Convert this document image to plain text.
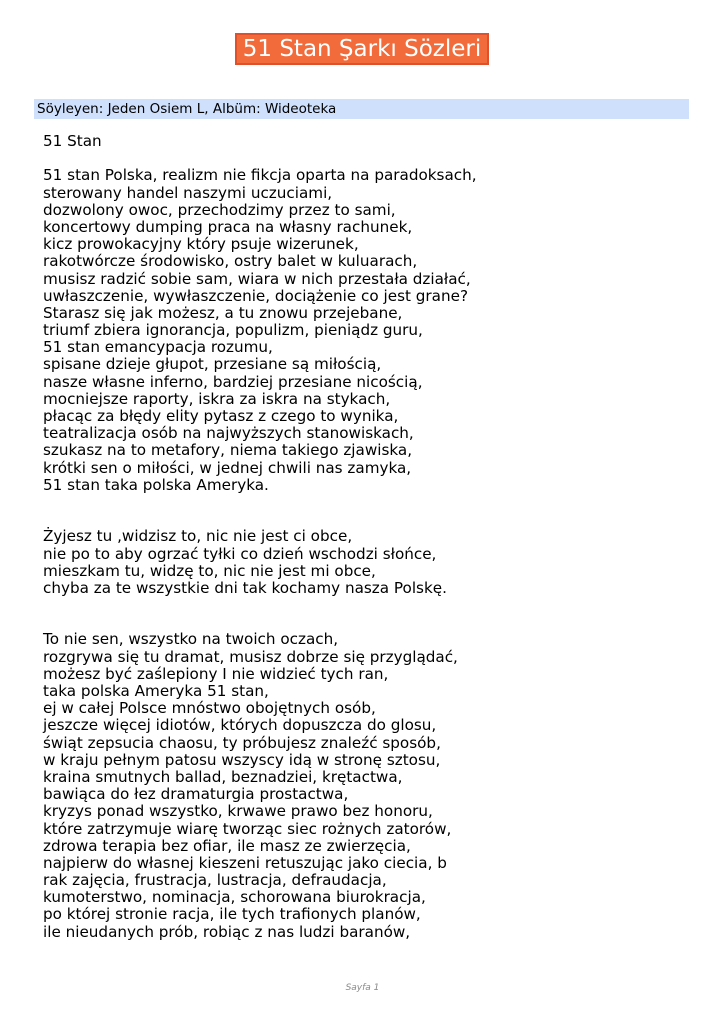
51 Stan Şarkı Sözleri
Söyleyen: Jeden Osiem L, Albüm: Wideoteka
51 Stan
51 stan Polska, realizm nie fikcja oparta na paradoksach,
sterowany handel naszymi uczuciami,
dozwolony owoc, przechodzimy przez to sami,
koncertowy dumping praca na własny rachunek,
kicz prowokacyjny który psuje wizerunek,
rakotwórcze środowisko, ostry balet w kuluarach,
musisz radzić sobie sam, wiara w nich przestała działać,
uwłaszczenie, wywłaszczenie, dociążenie co jest grane?
Starasz się jak możesz, a tu znowu przejebane,
triumf zbiera ignorancja, populizm, pieniądz guru,
51 stan emancypacja rozumu,
spisane dzieje głupot, przesiane są miłością,
nasze własne inferno, bardziej przesiane nicością,
mocniejsze raporty, iskra za iskra na stykach,
płacąc za błędy elity pytasz z czego to wynika,
teatralizacja osób na najwyższych stanowiskach,
szukasz na to metafory, niema takiego zjawiska,
krótki sen o miłości, w jednej chwili nas zamyka,
51 stan taka polska Ameryka.
Żyjesz tu ,widzisz to, nic nie jest ci obce,
nie po to aby ogrzać tyłki co dzień wschodzi słońce,
mieszkam tu, widzę to, nic nie jest mi obce,
chyba za te wszystkie dni tak kochamy nasza Polskę.
To nie sen, wszystko na twoich oczach,
rozgrywa się tu dramat, musisz dobrze się przyglądać,
możesz być zaślepiony I nie widzieć tych ran,
taka polska Ameryka 51 stan,
ej w całej Polsce mnóstwo obojętnych osób,
jeszcze więcej idiotów, których dopuszcza do glosu,
świąt zepsucia chaosu, ty próbujesz znaleźć sposób,
w kraju pełnym patosu wszyscy idą w stronę sztosu,
kraina smutnych ballad, beznadziei, krętactwa,
bawiąca do łez dramaturgia prostactwa,
kryzys ponad wszystko, krwawe prawo bez honoru,
które zatrzymuje wiarę tworząc siec rożnych zatorów,
zdrowa terapia bez ofiar, ile masz ze zwierzęcia,
najpierw do własnej kieszeni retuszując jako ciecia, b
rak zajęcia, frustracja, lustracja, defraudacja,
kumoterstwo, nominacja, schorowana biurokracja,
po której stronie racja, ile tych trafionych planów,
ile nieudanych prób, robiąc z nas ludzi baranów,
Sayfa 1
